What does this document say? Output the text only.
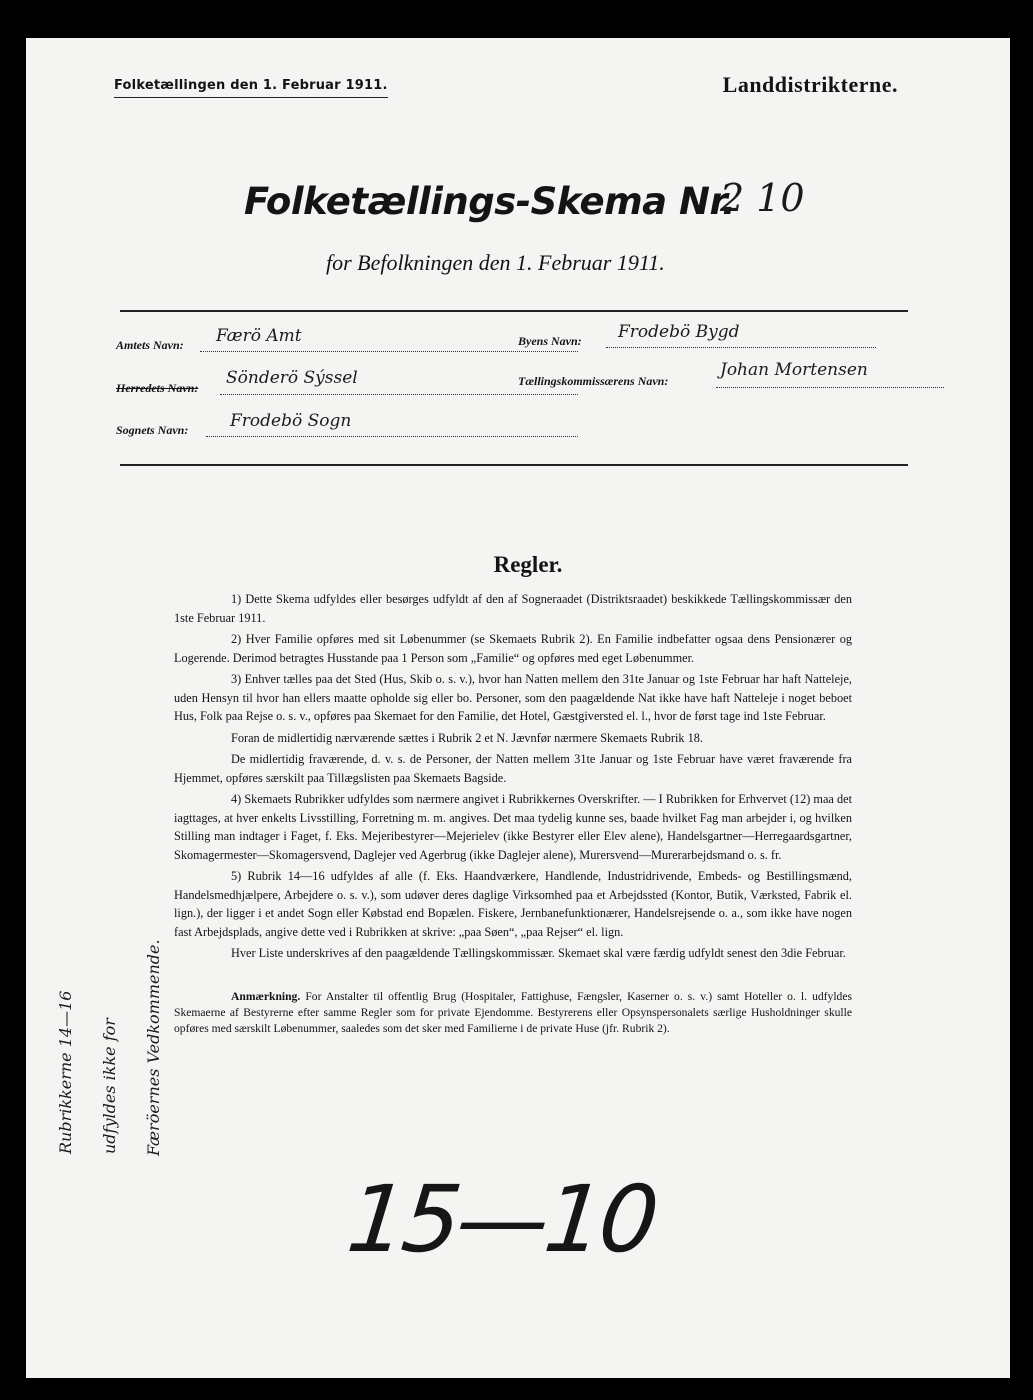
Folketællingen den 1. Februar 1911.	Landdistrikterne.
Folketællings-Skema Nr.
2 10
for Befolkningen den 1. Februar 1911.
Amtets Navn: Færö Amt
Herredets Navn: Sönderö Sýssel
Sognets Navn: Frodebö Sogn
Byens Navn: Frodebö Bygd
Tællingskommissærens Navn:
Johan Mortensen
Regler.

1) Dette Skema udfyldes eller besørges udfyldt af den af Sogneraadet (Distriktsraadet) beskikkede Tællingskommissær den 1ste Februar 1911.

2) Hver Familie opføres med sit Løbenummer (se Skemaets Rubrik 2). En Familie indbefatter ogsaa dens Pensionærer og Logerende. Derimod betragtes Husstande paa 1 Person som „Familie“ og opføres med eget Løbenummer.

3) Enhver tælles paa det Sted (Hus, Skib o. s. v.), hvor han Natten mellem den 31te Januar og 1ste Februar har haft Natteleje, uden Hensyn til hvor han ellers maatte opholde sig eller bo. Personer, som den paagældende Nat ikke have haft Natteleje i noget beboet Hus, Folk paa Rejse o. s. v., opføres paa Skemaet for den Familie, det Hotel, Gæstgiversted el. l., hvor de først tage ind 1ste Februar.

Foran de midlertidig nærværende sættes i Rubrik 2 et N. Jævnfør nærmere Skemaets Rubrik 18.

De midlertidig fraværende, d. v. s. de Personer, der Natten mellem 31te Januar og 1ste Februar have været fraværende fra Hjemmet, opføres særskilt paa Tillægslisten paa Skemaets Bagside.

4) Skemaets Rubrikker udfyldes som nærmere angivet i Rubrikkernes Overskrifter. — I Rubrikken for Erhvervet (12) maa det iagttages, at hver enkelts Livsstilling, Forretning m. m. angives. Det maa tydelig kunne ses, baade hvilket Fag man arbejder i, og hvilken Stilling man indtager i Faget, f. Eks. Mejeribestyrer—Mejerielev (ikke Bestyrer eller Elev alene), Handelsgartner—Herregaardsgartner, Skomagermester—Skomagersvend, Daglejer ved Agerbrug (ikke Daglejer alene), Murersvend—Murerarbejdsmand o. s. fr.

5) Rubrik 14—16 udfyldes af alle (f. Eks. Haandværkere, Handlende, Industridrivende, Embeds- og Bestillingsmænd, Handelsmedhjælpere, Arbejdere o. s. v.), som udøver deres daglige Virksomhed paa et Arbejdssted (Kontor, Butik, Værksted, Fabrik el. lign.), der ligger i et andet Sogn eller Købstad end Bopælen. Fiskere, Jernbanefunktionærer, Handelsrejsende o. a., som ikke have nogen fast Arbejdsplads, angive dette ved i Rubrikken at skrive: „paa Søen“, „paa Rejser“ el. lign.

Hver Liste underskrives af den paagældende Tællingskommissær. Skemaet skal være færdig udfyldt senest den 3die Februar.

Anmærkning. For Anstalter til offentlig Brug (Hospitaler, Fattighuse, Fængsler, Kaserner o. s. v.) samt Hoteller o. l. udfyldes Skemaerne af Bestyrerne efter samme Regler som for private Ejendomme. Bestyrerens eller Opsynspersonalets særlige Husholdninger skulle opføres med særskilt Løbenummer, saaledes som det sker med Familierne i de private Huse (jfr. Rubrik 2).

Rubrikkerne 14—16 udfyldes ikke for Færöernes Vedkommende.
15—10
